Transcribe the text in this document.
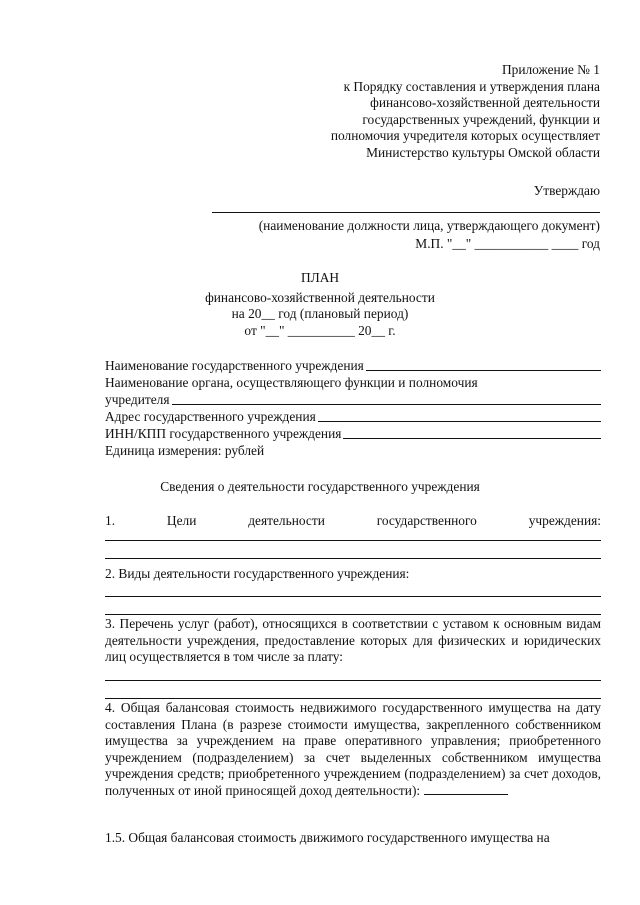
Приложение № 1
к Порядку составления и утверждения плана
финансово-хозяйственной деятельности
государственных учреждений, функции и
полномочия учредителя которых осуществляет
Министерство культуры Омской области
Утверждаю
(наименование должности лица, утверждающего документ)
М.П. "__" ___________ ____ год
ПЛАН
финансово-хозяйственной деятельности
на 20__ год (плановый период)
от "__" __________ 20__ г.
Наименование государственного учреждения
Наименование органа, осуществляющего функции и полномочия
учредителя
Адрес государственного учреждения
ИНН/КПП государственного учреждения
Единица измерения: рублей
Сведения о деятельности государственного учреждения
1. Цели деятельности государственного учреждения:
2. Виды деятельности государственного учреждения:
3. Перечень услуг (работ), относящихся в соответствии с уставом к основным видам деятельности учреждения, предоставление которых для физических и юридических лиц осуществляется в том числе за плату:
4. Общая балансовая стоимость недвижимого государственного имущества на дату составления Плана (в разрезе стоимости имущества, закрепленного собственником имущества за учреждением на праве оперативного управления; приобретенного учреждением (подразделением) за счет выделенных собственником имущества учреждения средств; приобретенного учреждением (подразделением) за счет доходов, полученных от иной приносящей доход деятельности):
1.5. Общая балансовая стоимость движимого государственного имущества на
